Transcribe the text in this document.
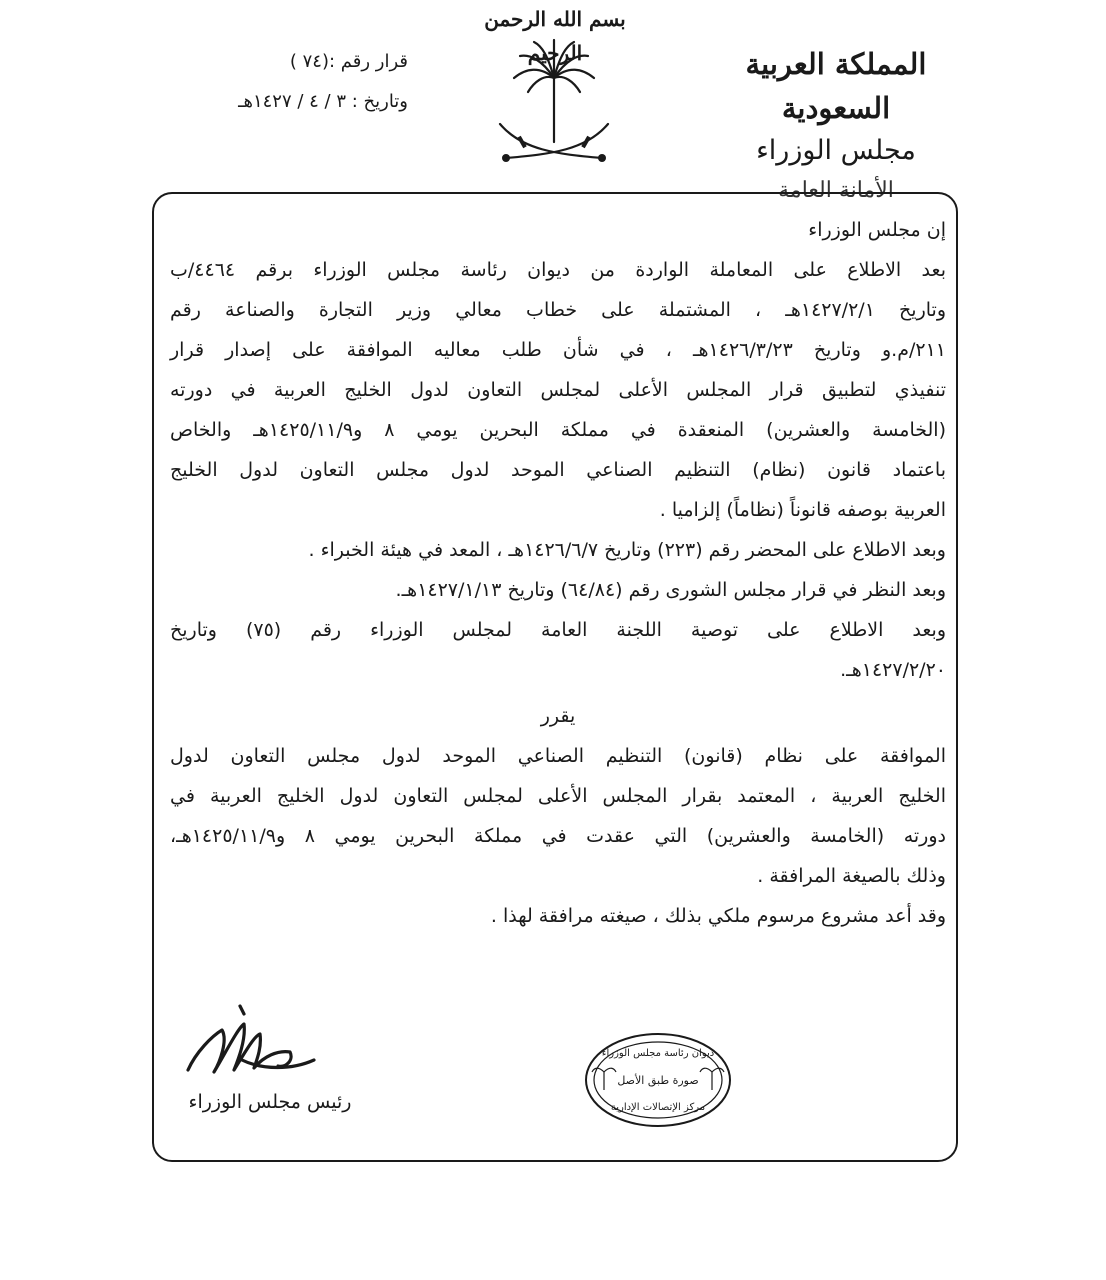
بسم الله الرحمن الرحيم	المملكة العربية السعودية
مجلس الوزراء
الأمانة العامة
قرار رقم :(٧٤ )
وتاريخ : ٣ / ٤ / ١٤٢٧هـ

إن مجلس الوزراء

بعد الاطلاع على المعاملة الواردة من ديوان رئاسة مجلس الوزراء برقم ٤٤٦٤/ب

وتاريخ ١٤٢٧/٢/١هـ ، المشتملة على خطاب معالي وزير التجارة والصناعة رقم

٢١١/م.و وتاريخ ١٤٢٦/٣/٢٣هـ ، في شأن طلب معاليه الموافقة على إصدار قرار

تنفيذي لتطبيق قرار المجلس الأعلى لمجلس التعاون لدول الخليج العربية في دورته

(الخامسة والعشرين) المنعقدة في مملكة البحرين يومي ٨ و١٤٢٥/١١/٩هـ والخاص

باعتماد قانون (نظام) التنظيم الصناعي الموحد لدول مجلس التعاون لدول الخليج

العربية بوصفه قانوناً (نظاماً) إلزاميا .

وبعد الاطلاع على المحضر رقم (٢٢٣) وتاريخ ١٤٢٦/٦/٧هـ ، المعد في هيئة الخبراء .

وبعد النظر في قرار مجلس الشورى رقم (٦٤/٨٤) وتاريخ ١٤٢٧/١/١٣هـ.

وبعد الاطلاع على توصية اللجنة العامة لمجلس الوزراء رقم (٧٥) وتاريخ

١٤٢٧/٢/٢٠هـ.

يقرر

الموافقة على نظام (قانون) التنظيم الصناعي الموحد لدول مجلس التعاون لدول

الخليج العربية ، المعتمد بقرار المجلس الأعلى لمجلس التعاون لدول الخليج العربية في

دورته (الخامسة والعشرين) التي عقدت في مملكة البحرين يومي ٨ و١٤٢٥/١١/٩هـ،

وذلك بالصيغة المرافقة .

وقد أعد مشروع مرسوم ملكي بذلك ، صيغته مرافقة لهذا .

ديوان رئاسة مجلس الوزراء
صورة طبق الأصل
مركز الإتصالات الإدارية
رئيس مجلس الوزراء
